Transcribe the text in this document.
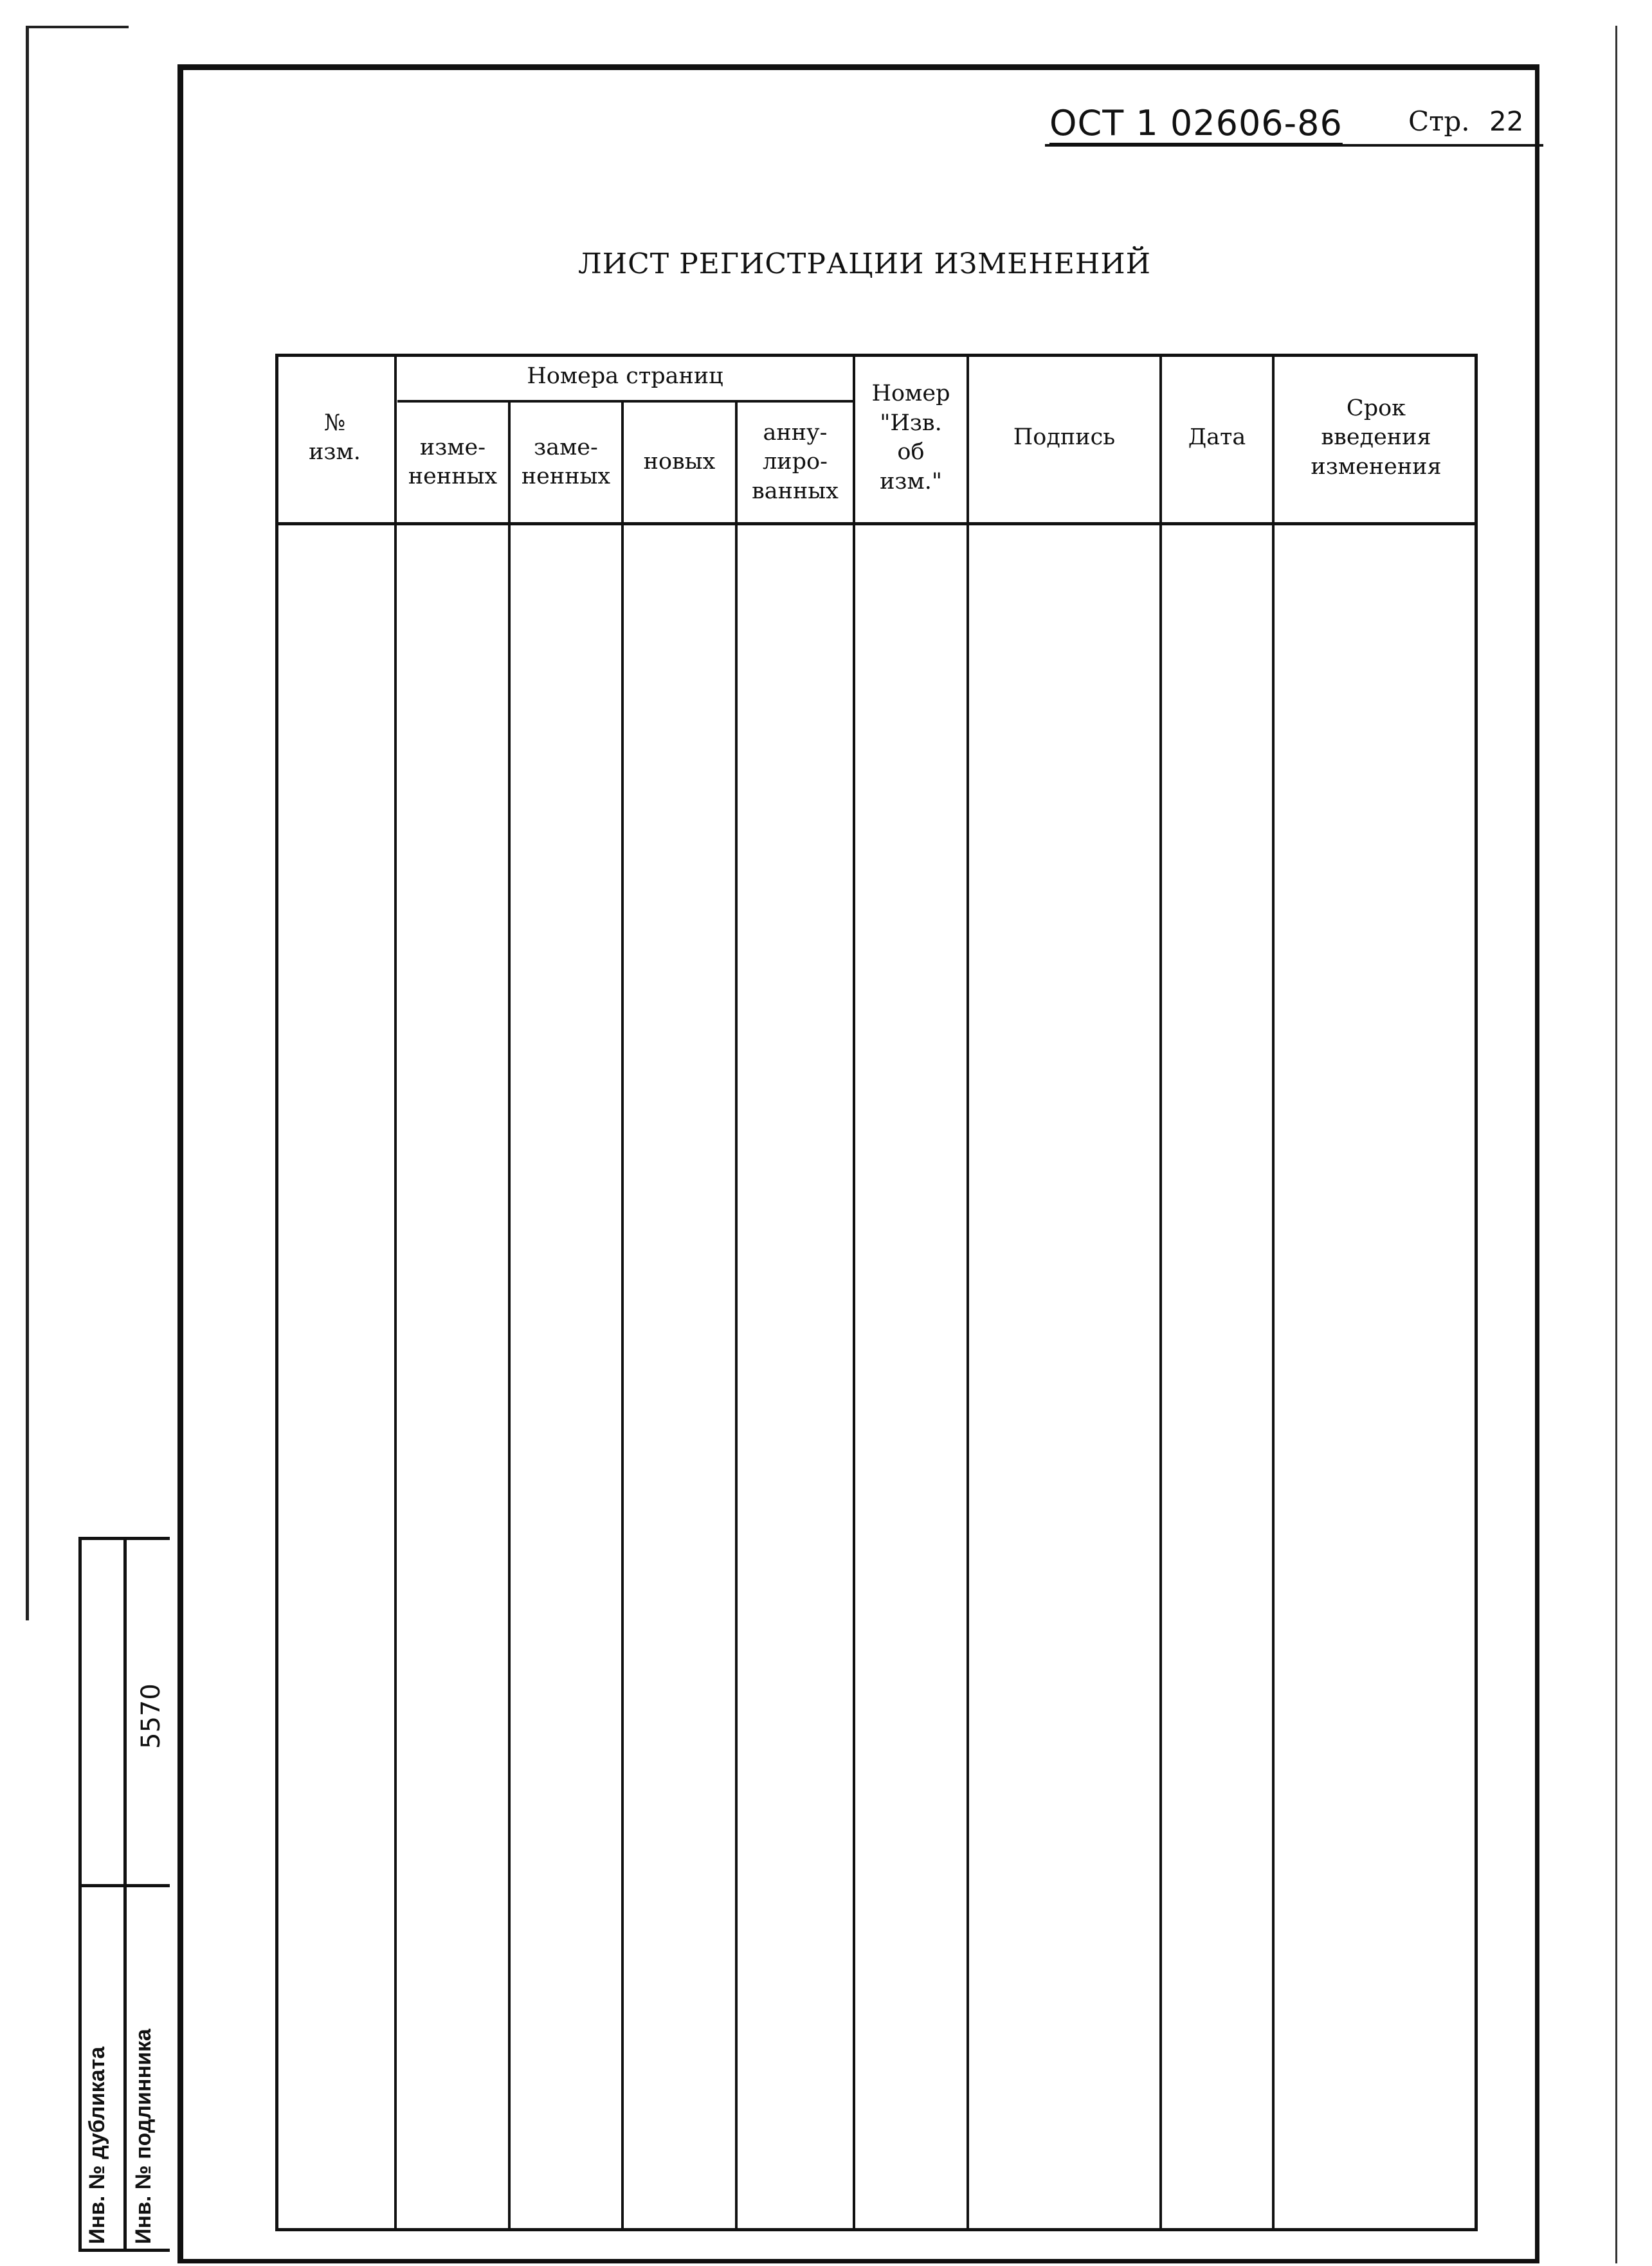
ОСТ 1 02606-86 Стр. 22
ЛИСТ РЕГИСТРАЦИИ ИЗМЕНЕНИЙ
№
изм.
Номера страниц
изме-
ненных
заме-
ненных
новых
анну-
лиро-
ванных
Номер
"Изв.
об
изм."
Подпись	Дата
Срок
введения
изменения
Инв. № дубликата Инв. № подлинника
5570
